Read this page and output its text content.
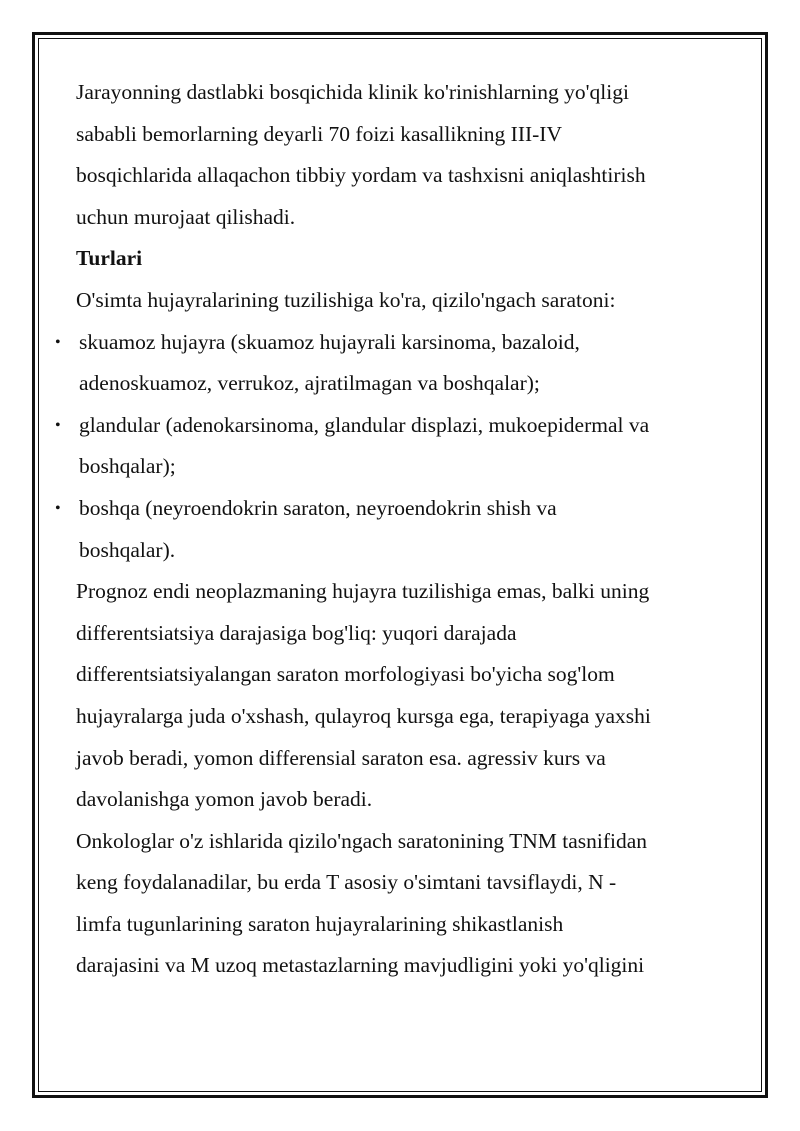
Jarayonning dastlabki bosqichida klinik ko'rinishlarning yo'qligi
sababli bemorlarning deyarli 70 foizi kasallikning III-IV
bosqichlarida allaqachon tibbiy yordam va tashxisni aniqlashtirish
uchun murojaat qilishadi.

Turlari

O'simta hujayralarining tuzilishiga ko'ra, qizilo'ngach saratoni:

• skuamoz hujayra (skuamoz hujayrali karsinoma, bazaloid,
adenoskuamoz, verrukoz, ajratilmagan va boshqalar);
• glandular (adenokarsinoma, glandular displazi, mukoepidermal va
boshqalar);
• boshqa (neyroendokrin saraton, neyroendokrin shish va
boshqalar).

Prognoz endi neoplazmaning hujayra tuzilishiga emas, balki uning
differentsiatsiya darajasiga bog'liq: yuqori darajada
differentsiatsiyalangan saraton morfologiyasi bo'yicha sog'lom
hujayralarga juda o'xshash, qulayroq kursga ega, terapiyaga yaxshi
javob beradi, yomon differensial saraton esa. agressiv kurs va
davolanishga yomon javob beradi.

Onkologlar o'z ishlarida qizilo'ngach saratonining TNM tasnifidan
keng foydalanadilar, bu erda T asosiy o'simtani tavsiflaydi, N -
limfa tugunlarining saraton hujayralarining shikastlanish
darajasini va M uzoq metastazlarning mavjudligini yoki yo'qligini
